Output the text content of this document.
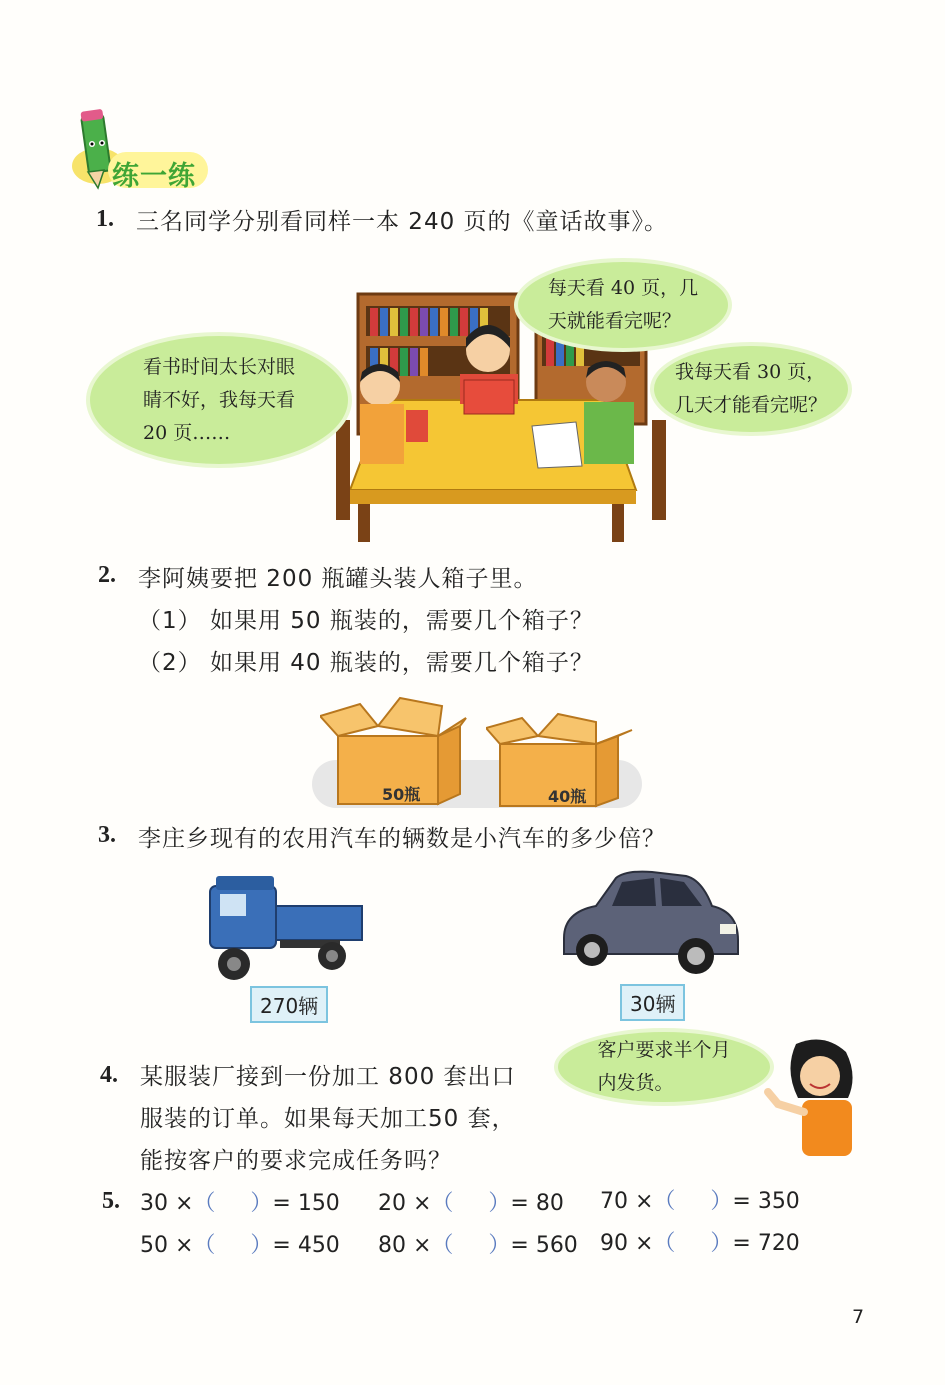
练一练
1. 三名同学分别看同样一本 240 页的《童话故事》。
看书时间太长对眼
睛不好，我每天看
20 页……
每天看 40 页，几
天就能看完呢？
我每天看 30 页，
几天才能看完呢？
2. 李阿姨要把 200 瓶罐头装人箱子里。
（1） 如果用 50 瓶装的，需要几个箱子？
（2） 如果用 40 瓶装的，需要几个箱子？
50瓶	40瓶
3. 李庄乡现有的农用汽车的辆数是小汽车的多少倍？
270辆	30辆
4. 某服装厂接到一份加工 800 套出口
服装的订单。如果每天加工50 套，
能按客户的要求完成任务吗？
客户要求半个月
内发货。
5. 30 ×（     ）= 150 20 ×（     ）= 80 70 ×（     ）= 350
50 ×（     ）= 450 80 ×（     ）= 560 90 ×（     ）= 720
7
